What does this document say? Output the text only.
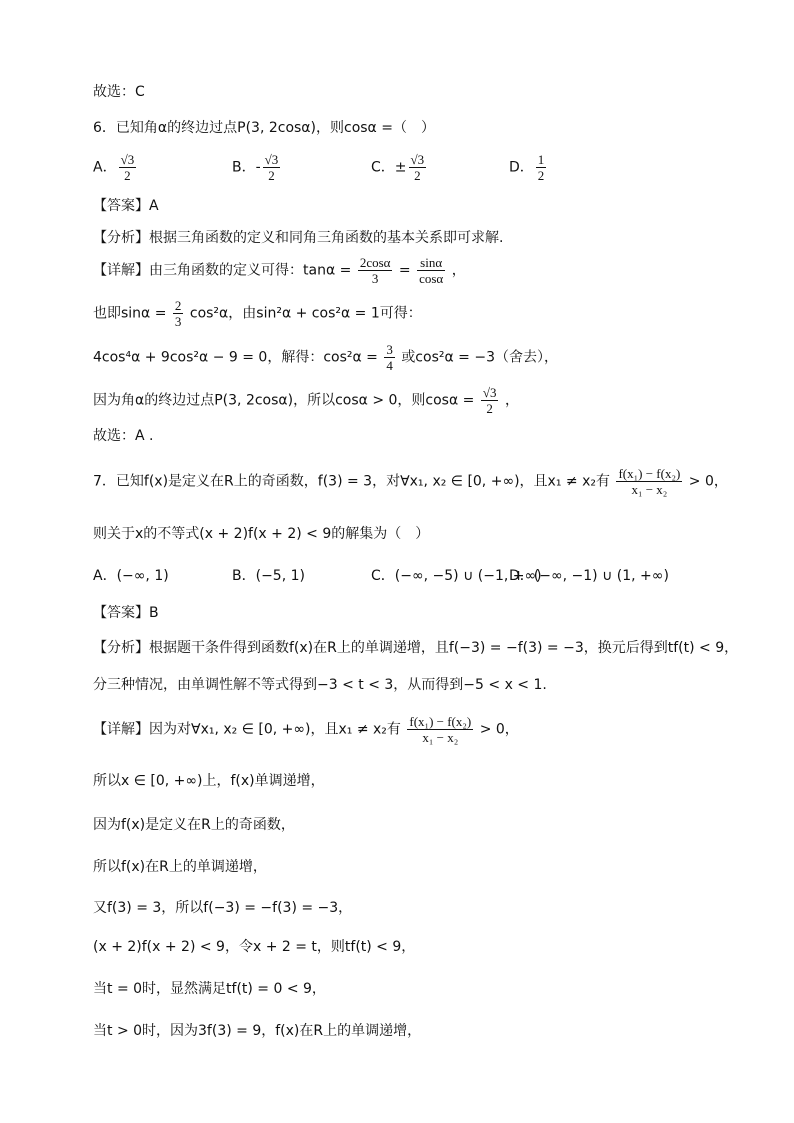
故选：C
6．已知角α的终边过点P(3, 2cosα)，则cosα =（　）
A． $\frac{√3}{2}$	B．- $\frac{√3}{2}$	C．± $\frac{√3}{2}$	D． $\frac{1}{2}$
【答案】A
【分析】根据三角函数的定义和同角三角函数的基本关系即可求解.
【详解】由三角函数的定义可得：$\tan\alpha = \frac{2\cos\alpha}{3} = \frac{\sin\alpha}{\cos\alpha}$ ，
也即$\sin\alpha = \frac{2}{3} \cos^2\alpha$，由sin²α + cos²α = 1可得：
4cos⁴α + 9cos²α − 9 = 0，解得：$\cos^2\alpha = \frac{3}{4}$ 或cos²α = −3（舍去），
因为角α的终边过点P(3, 2cosα)，所以cosα > 0，则$\cos\alpha = \frac{√3}{2}$ ，
故选：A .
7．已知f(x)是定义在R上的奇函数，f(3) = 3，对∀x₁, x₂ ∈ [0, +∞)，且x₁ ≠ x₂有 $\frac{\text{f(x₁) − f(x₂)}}{\text{x₁ − x₂}} > 0$，
则关于x的不等式(x + 2)f(x + 2) < 9的解集为（　）
A．(−∞, 1)	B．(−5, 1)	C．(−∞, −5) ∪ (−1, +∞)
D．(−∞, −1) ∪ (1, +∞)
【答案】B
【分析】根据题干条件得到函数f(x)在R上的单调递增，且f(−3) = −f(3) = −3，换元后得到tf(t) < 9，
分三种情况，由单调性解不等式得到−3 < t < 3，从而得到−5 < x < 1.
【详解】因为对∀x₁, x₂ ∈ [0, +∞)，且x₁ ≠ x₂有 $\frac{\text{f(x₁) − f(x₂)}}{\text{x₁ − x₂}} > 0$，
所以x ∈ [0, +∞)上，f(x)单调递增，
因为f(x)是定义在R上的奇函数，
所以f(x)在R上的单调递增，
又f(3) = 3，所以f(−3) = −f(3) = −3，
(x + 2)f(x + 2) < 9，令x + 2 = t，则tf(t) < 9，
当t = 0时，显然满足tf(t) = 0 < 9，
当t > 0时，因为3f(3) = 9，f(x)在R上的单调递增，
